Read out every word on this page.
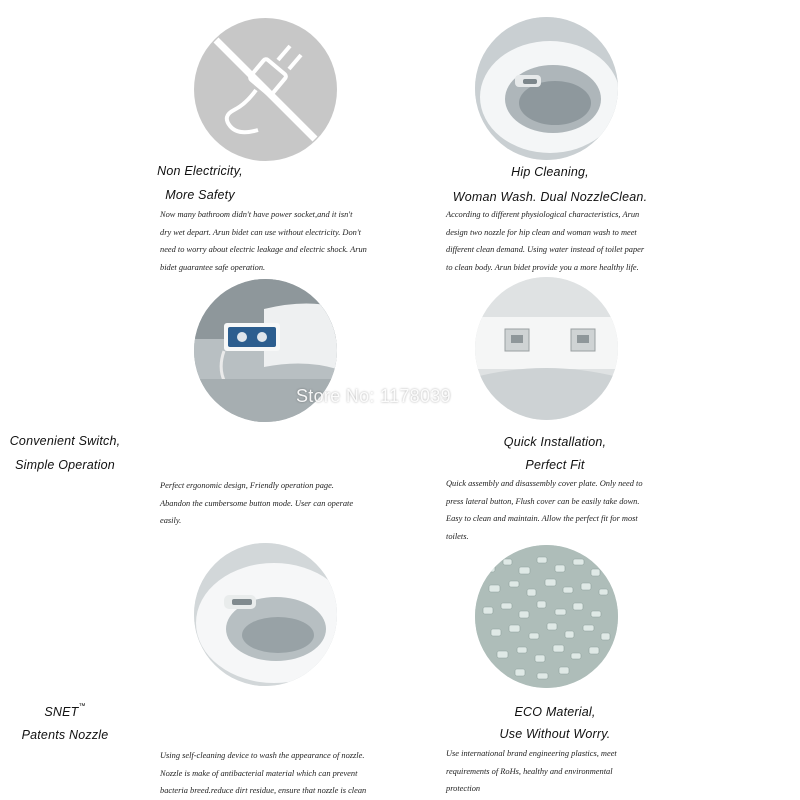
Non Electricity,
More Safety
Now many bathroom didn't have power socket,and it isn't
dry wet depart. Arun bidet can use without electricity. Don't
need to worry about electric leakage and electric shock. Arun
bidet guarantee safe operation.
Hip Cleaning,
Woman Wash. Dual NozzleClean.
According to different physiological characteristics, Arun
design two nozzle for hip clean and woman wash to meet
different clean demand. Using water instead of toilet paper
to clean body. Arun bidet provide you a more healthy life.
Convenient Switch,
Simple Operation
Perfect ergonomic design, Friendly operation page.
Abandon the cumbersome button mode. User can operate
easily.
Quick Installation,
Perfect Fit
Quick assembly and disassembly cover plate. Only need to
press lateral button, Flush cover can be easily take down.
Easy to clean and maintain. Allow the perfect fit for most
toilets.
SNET™
Patents Nozzle
Using self-cleaning device to wash the appearance of nozzle.
Nozzle is make of antibacterial material which can prevent
bacteria breed.reduce dirt residue, ensure that nozzle is clean
ECO Material,
Use Without Worry.
Use international brand engineering plastics, meet
requirements of RoHs, healthy and environmental
protection
Store No: 1178039
